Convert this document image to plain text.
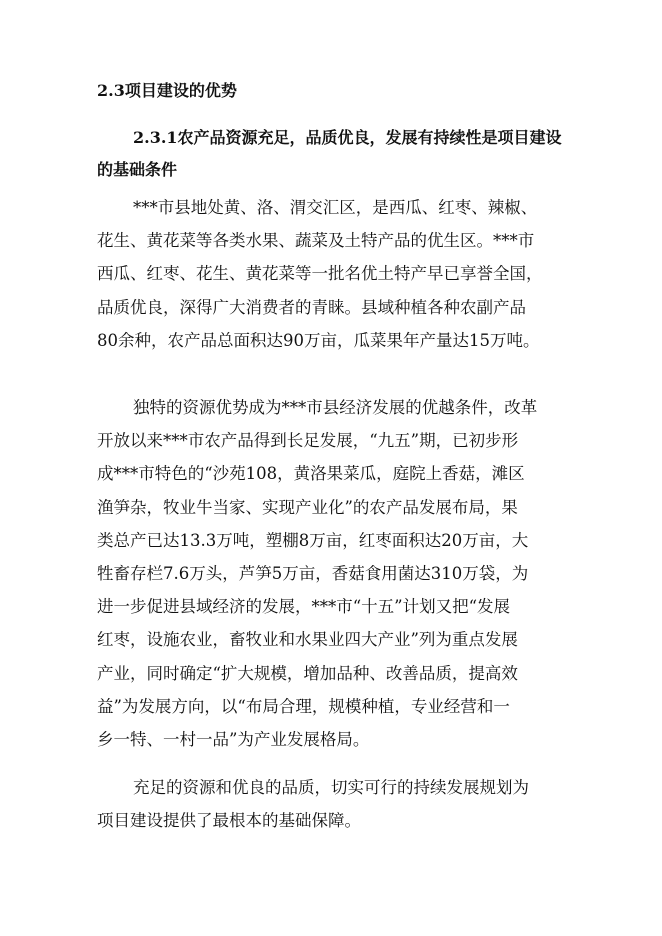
2.3项目建设的优势
2.3.1农产品资源充足，品质优良，发展有持续性是项目建设的基础条件
***市县地处黄、洛、渭交汇区，是西瓜、红枣、辣椒、
花生、黄花菜等各类水果、蔬菜及土特产品的优生区。***市
西瓜、红枣、花生、黄花菜等一批名优土特产早已享誉全国，
品质优良，深得广大消费者的青睐。县域种植各种农副产品
80余种，农产品总面积达90万亩，瓜菜果年产量达15万吨。
独特的资源优势成为***市县经济发展的优越条件，改革
开放以来***市农产品得到长足发展，“九五”期，已初步形
成***市特色的“沙苑108，黄洛果菜瓜，庭院上香菇，滩区
渔笋杂，牧业牛当家、实现产业化”的农产品发展布局，果
类总产已达13.3万吨，塑棚8万亩，红枣面积达20万亩，大
牲畜存栏7.6万头，芦笋5万亩，香菇食用菌达310万袋，为
进一步促进县域经济的发展，***市“十五”计划又把“发展
红枣，设施农业，畜牧业和水果业四大产业”列为重点发展
产业，同时确定“扩大规模，增加品种、改善品质，提高效
益”为发展方向，以“布局合理，规模种植，专业经营和一
乡一特、一村一品”为产业发展格局。
充足的资源和优良的品质，切实可行的持续发展规划为
项目建设提供了最根本的基础保障。
